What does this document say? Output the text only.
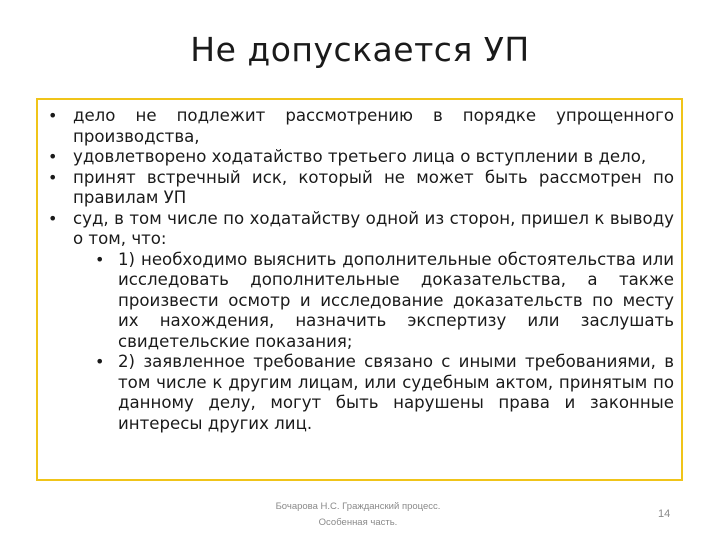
Не допускается УП
• дело не подлежит рассмотрению в порядке упрощенного производства,
• удовлетворено ходатайство третьего лица о вступлении в дело,
• принят встречный иск, который не может быть рассмотрен по правилам УП
• суд, в том числе по ходатайству одной из сторон, пришел к выводу о том, что:
• 1) необходимо выяснить дополнительные обстоятельства или исследовать дополнительные доказательства, а также произвести осмотр и исследование доказательств по месту их нахождения, назначить экспертизу или заслушать свидетельские показания;
• 2) заявленное требование связано с иными требованиями, в том числе к другим лицам, или судебным актом, принятым по данному делу, могут быть нарушены права и законные интересы других лиц.
Бочарова Н.С. Гражданский процесс.
Особенная часть.
14
